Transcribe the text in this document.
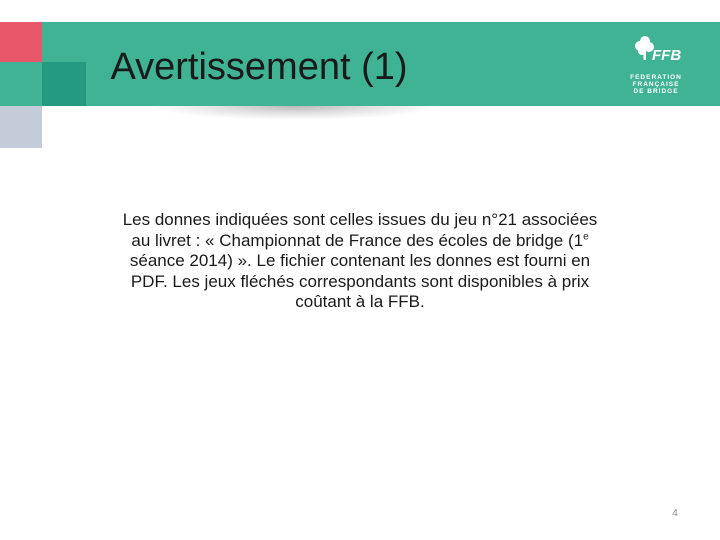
Avertissement (1)	FFB
FEDERATION
FRANÇAISE
DE BRIDGE
Les donnes indiquées sont celles issues du jeu n°21 associées au livret : « Championnat de France des écoles de bridge (1e séance 2014) ». Le fichier contenant les donnes est fourni en PDF. Les jeux fléchés correspondants sont disponibles à prix coûtant à la FFB.
4
